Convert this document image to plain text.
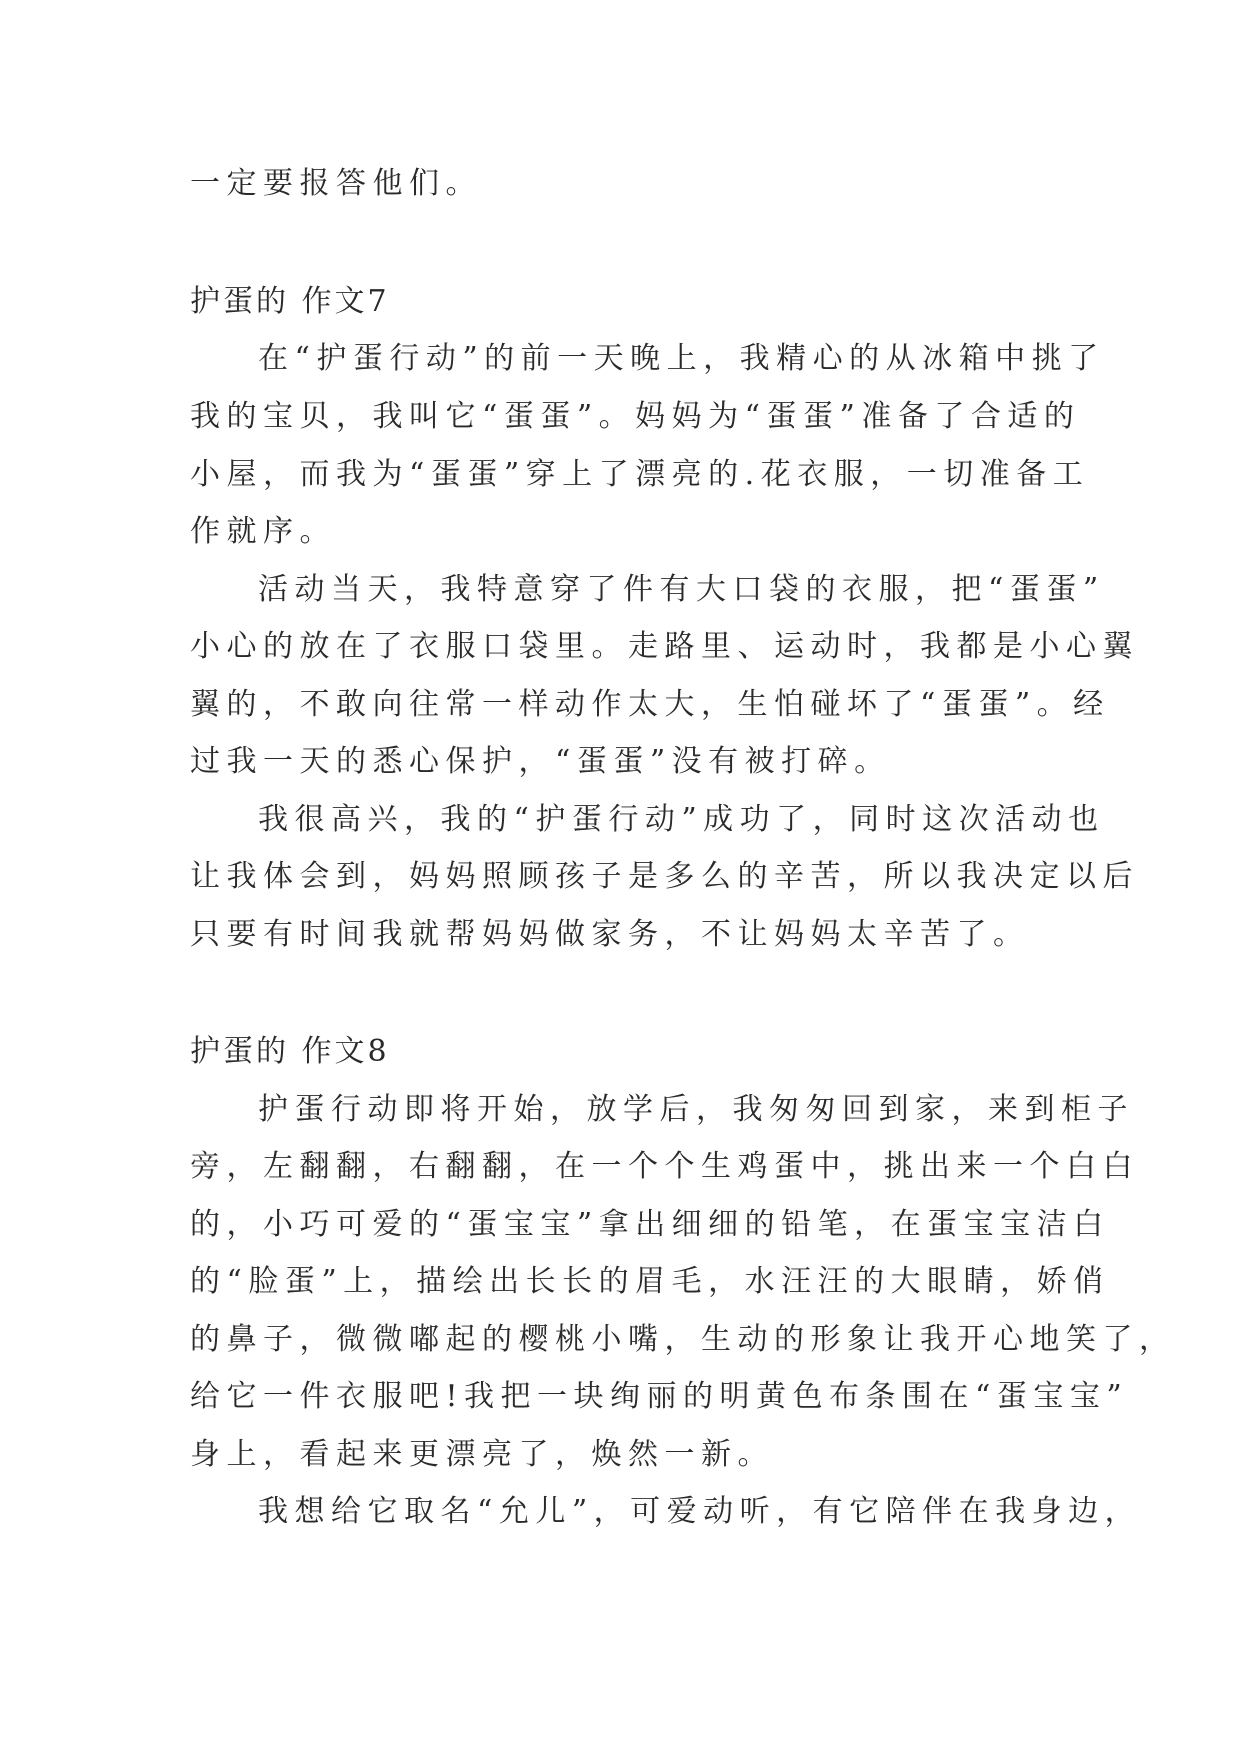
一定要报答他们。
护蛋的 作文7
在“护蛋行动”的前一天晚上，我精心的从冰箱中挑了
我的宝贝，我叫它“蛋蛋”。妈妈为“蛋蛋”准备了合适的
小屋，而我为“蛋蛋”穿上了漂亮的.花衣服，一切准备工
作就序。
活动当天，我特意穿了件有大口袋的衣服，把“蛋蛋”
小心的放在了衣服口袋里。走路里、运动时，我都是小心翼
翼的，不敢向往常一样动作太大，生怕碰坏了“蛋蛋”。经
过我一天的悉心保护，“蛋蛋”没有被打碎。
我很高兴，我的“护蛋行动”成功了，同时这次活动也
让我体会到，妈妈照顾孩子是多么的辛苦，所以我决定以后
只要有时间我就帮妈妈做家务，不让妈妈太辛苦了。
护蛋的 作文8
护蛋行动即将开始，放学后，我匆匆回到家，来到柜子
旁，左翻翻，右翻翻，在一个个生鸡蛋中，挑出来一个白白
的，小巧可爱的“蛋宝宝”拿出细细的铅笔，在蛋宝宝洁白
的“脸蛋”上，描绘出长长的眉毛，水汪汪的大眼睛，娇俏
的鼻子，微微嘟起的樱桃小嘴，生动的形象让我开心地笑了，
给它一件衣服吧!我把一块绚丽的明黄色布条围在“蛋宝宝”
身上，看起来更漂亮了，焕然一新。
我想给它取名“允儿”，可爱动听，有它陪伴在我身边，
